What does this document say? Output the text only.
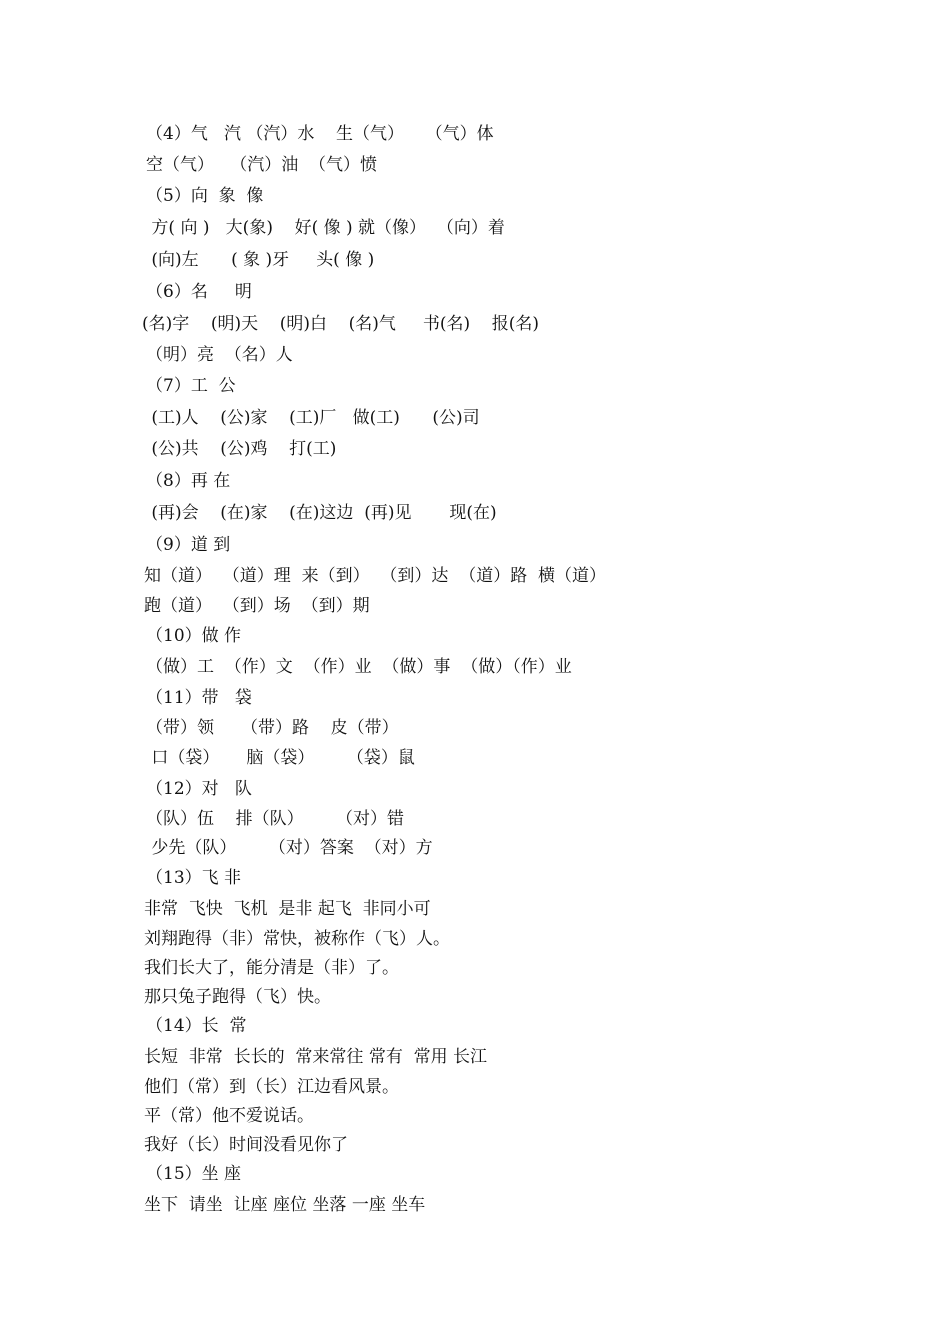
（4）气   汽 （汽）水    生（气）    （气）体
空（气）   （汽）油  （气）愤
（5）向  象  像
方( 向 )   大(象)    好( 像 ) 就（像）  （向）着
(向)左      ( 象 )牙     头( 像 )
（6）名     明
(名)字    (明)天    (明)白    (名)气     书(名)    报(名)
（明）亮  （名）人
（7）工  公
(工)人    (公)家    (工)厂   做(工)      (公)司
(公)共    (公)鸡    打(工)
（8）再 在
(再)会    (在)家    (在)这边  (再)见       现(在)
（9）道 到
知（道）  （道）理  来（到）  （到）达  （道）路  横（道）
跑（道）  （到）场  （到）期
（10）做 作
（做）工  （作）文  （作）业  （做）事  （做）（作）业
（11）带   袋
（带）领     （带）路    皮（带）
口（袋）     脑（袋）      （袋）鼠
（12）对   队
（队）伍    排（队）      （对）错
少先（队）      （对）答案  （对）方
（13）飞 非
非常  飞快  飞机  是非 起飞  非同小可
刘翔跑得（非）常快，被称作（飞）人。
我们长大了，能分清是（非）了。
那只兔子跑得（飞）快。
（14）长  常
长短  非常  长长的  常来常往 常有  常用 长江
他们（常）到（长）江边看风景。
平（常）他不爱说话。
我好（长）时间没看见你了
（15）坐 座
坐下  请坐  让座 座位 坐落 一座 坐车
